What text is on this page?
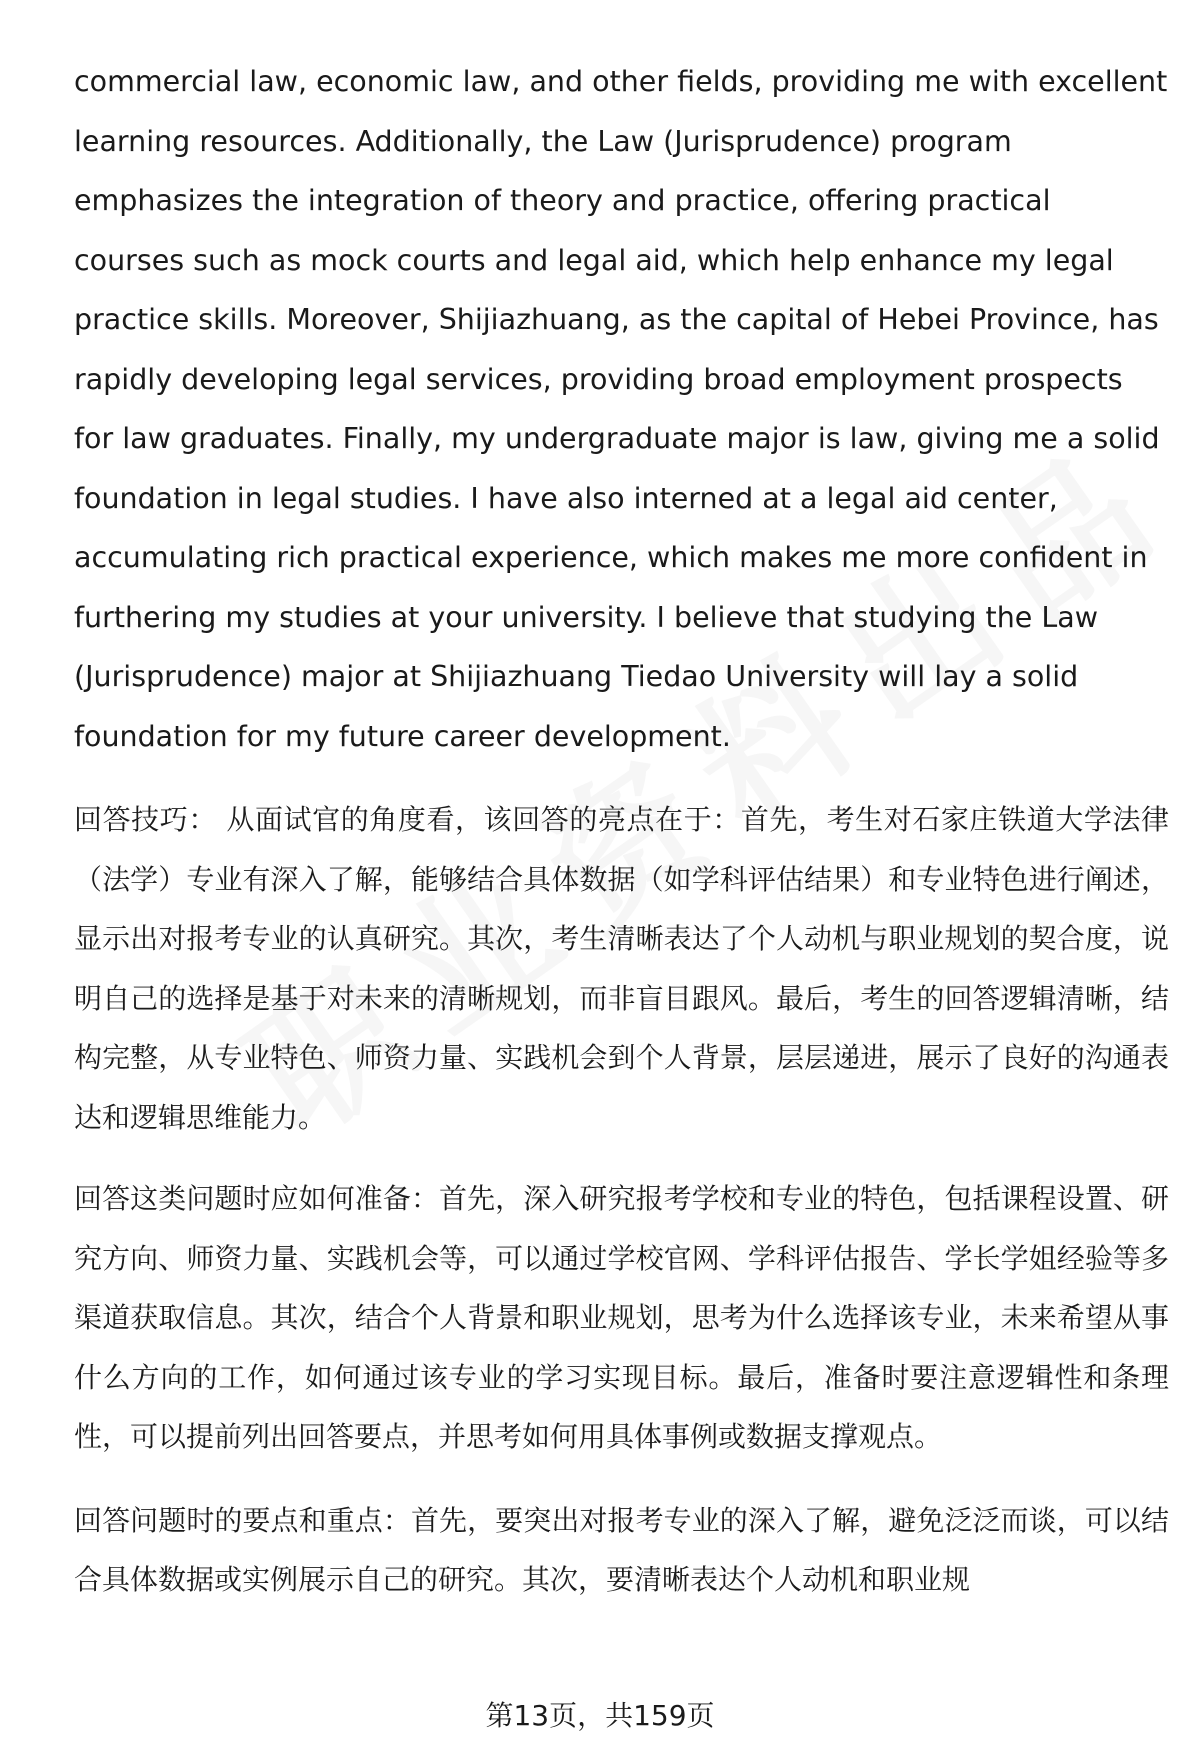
commercial law, economic law, and other fields, providing me with excellent learning resources. Additionally, the Law (Jurisprudence) program emphasizes the integration of theory and practice, offering practical courses such as mock courts and legal aid, which help enhance my legal practice skills. Moreover, Shijiazhuang, as the capital of Hebei Province, has rapidly developing legal services, providing broad employment prospects for law graduates. Finally, my undergraduate major is law, giving me a solid foundation in legal studies. I have also interned at a legal aid center, accumulating rich practical experience, which makes me more confident in furthering my studies at your university. I believe that studying the Law (Jurisprudence) major at Shijiazhuang Tiedao University will lay a solid foundation for my future career development.

回答技巧： 从面试官的角度看，该回答的亮点在于：首先，考生对石家庄铁道大学法律（法学）专业有深入了解，能够结合具体数据（如学科评估结果）和专业特色进行阐述，显示出对报考专业的认真研究。其次，考生清晰表达了个人动机与职业规划的契合度，说明自己的选择是基于对未来的清晰规划，而非盲目跟风。最后，考生的回答逻辑清晰，结构完整，从专业特色、师资力量、实践机会到个人背景，层层递进，展示了良好的沟通表达和逻辑思维能力。

回答这类问题时应如何准备：首先，深入研究报考学校和专业的特色，包括课程设置、研究方向、师资力量、实践机会等，可以通过学校官网、学科评估报告、学长学姐经验等多渠道获取信息。其次，结合个人背景和职业规划，思考为什么选择该专业，未来希望从事什么方向的工作，如何通过该专业的学习实现目标。最后，准备时要注意逻辑性和条理性，可以提前列出回答要点，并思考如何用具体事例或数据支撑观点。

回答问题时的要点和重点：首先，要突出对报考专业的深入了解，避免泛泛而谈，可以结合具体数据或实例展示自己的研究。其次，要清晰表达个人动机和职业规

第13页，共159页
